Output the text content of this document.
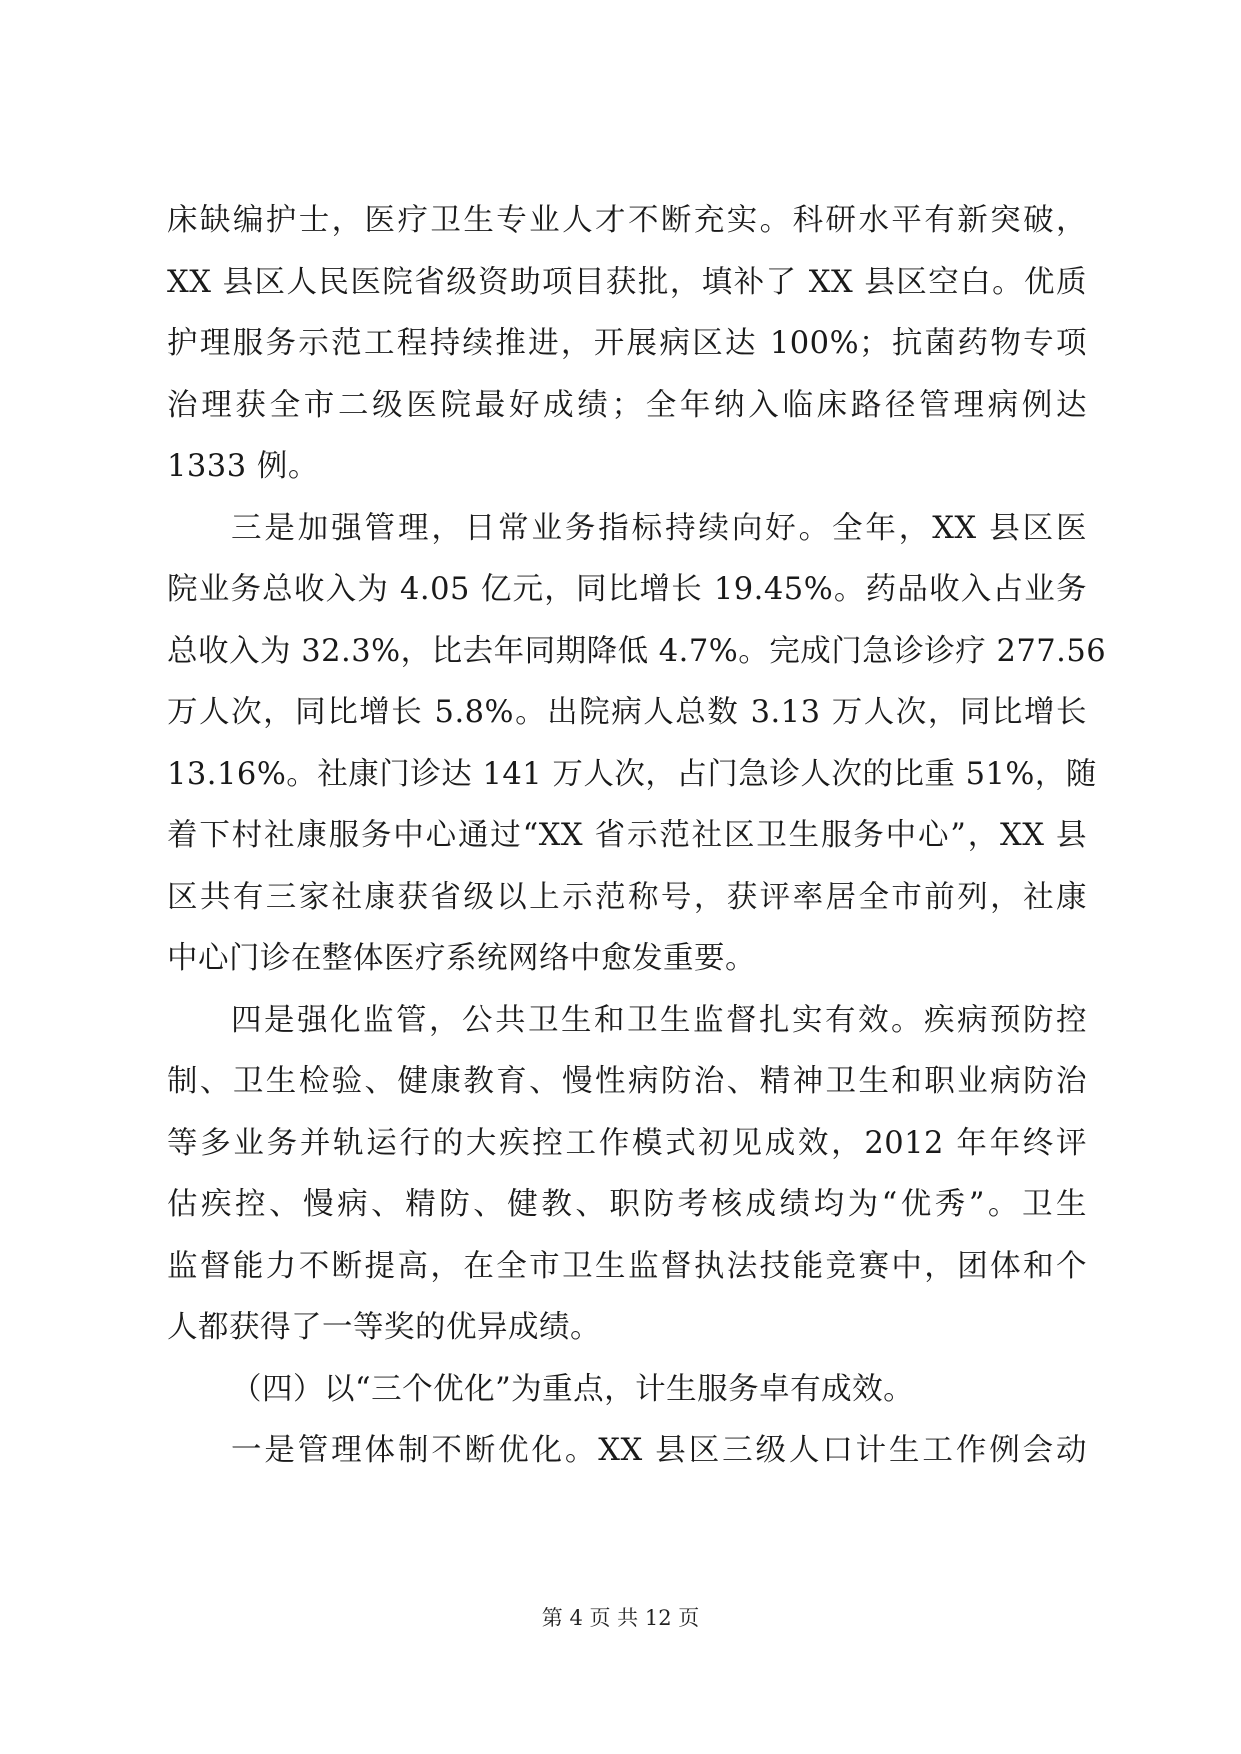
床缺编护士，医疗卫生专业人才不断充实。科研水平有新突破，
XX 县区人民医院省级资助项目获批，填补了 XX 县区空白。优质
护理服务示范工程持续推进，开展病区达 100%；抗菌药物专项
治理获全市二级医院最好成绩；全年纳入临床路径管理病例达
1333 例。
三是加强管理，日常业务指标持续向好。全年，XX 县区医
院业务总收入为 4.05 亿元，同比增长 19.45%。药品收入占业务
总收入为 32.3%，比去年同期降低 4.7%。完成门急诊诊疗 277.56
万人次，同比增长 5.8%。出院病人总数 3.13 万人次，同比增长
13.16%。社康门诊达 141 万人次，占门急诊人次的比重 51%，随
着下村社康服务中心通过“XX 省示范社区卫生服务中心”，XX 县
区共有三家社康获省级以上示范称号，获评率居全市前列，社康
中心门诊在整体医疗系统网络中愈发重要。
四是强化监管，公共卫生和卫生监督扎实有效。疾病预防控
制、卫生检验、健康教育、慢性病防治、精神卫生和职业病防治
等多业务并轨运行的大疾控工作模式初见成效，2012 年年终评
估疾控、慢病、精防、健教、职防考核成绩均为“优秀”。卫生
监督能力不断提高，在全市卫生监督执法技能竞赛中，团体和个
人都获得了一等奖的优异成绩。
（四）以“三个优化”为重点，计生服务卓有成效。
一是管理体制不断优化。XX 县区三级人口计生工作例会动
第 4 页 共 12 页
